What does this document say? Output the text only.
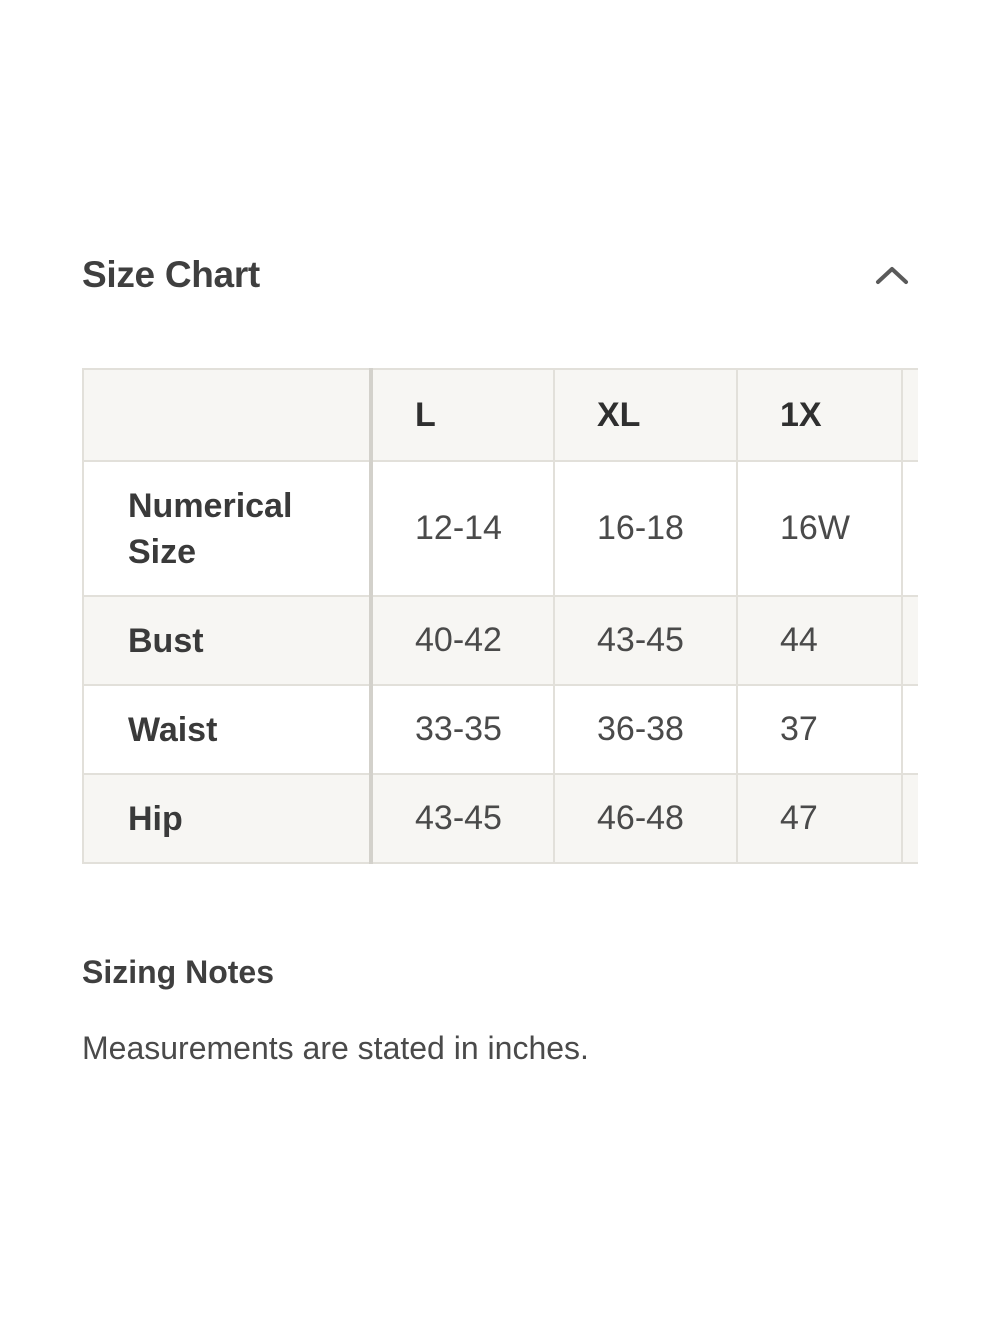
Size Chart
	L	XL	1X	
Numerical Size	12-14	16-18	16W	
Bust	40-42	43-45	44	
Waist	33-35	36-38	37	
Hip	43-45	46-48	47	
Sizing Notes
Measurements are stated in inches.
